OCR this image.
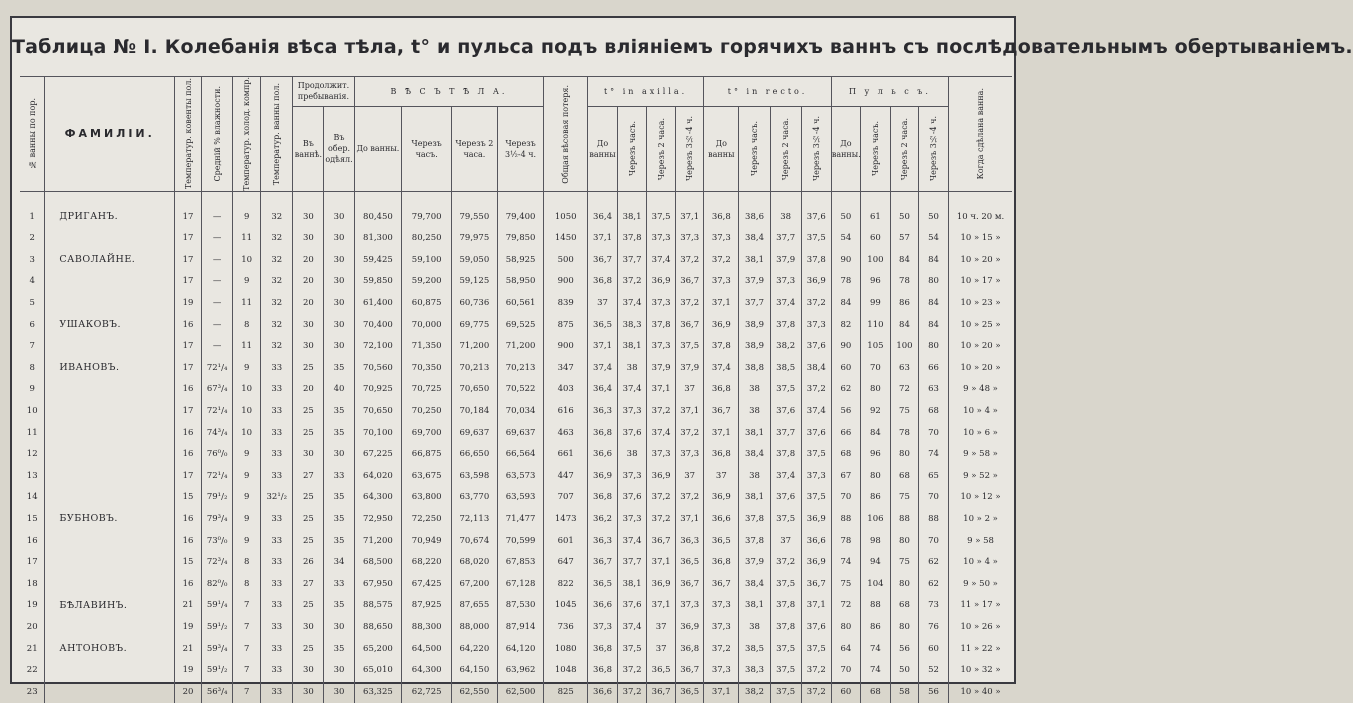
Таблица № I. Колебанія вѣса тѣла, t° и пульса подъ вліяніемъ горячихъ ваннъ съ послѣдовательнымъ обертываніемъ.
№ ванны по пор.	ФАМИЛІИ.	Температур. ковенты пол.	Средній % влажности.	Температур. холод. компр.	Температур. ванны пол.	Продолжит. пребыванія.		В Ѣ С Ъ Т Ѣ Л А.				Общая вѣсовая потеря.	t° in axilla.				t° in recto.				П у л ь с ъ.				Когда сдѣлана ванна.

						Въ ваннѣ.	Въ обер. одѣял.	До ванны.	Черезъ часъ.	Черезъ 2 часа.	Черезъ 3½-4 ч.		До ванны	Черезъ часъ.	Черезъ 2 часа.	Черезъ 3½-4 ч.	До ванны	Черезъ часъ.	Черезъ 2 часа.	Черезъ 3½-4 ч.	До ванны.	Черезъ часъ.	Черезъ 2 часа.	Черезъ 3½-4 ч.	

1	ДРИГАНЪ.	17	—	9	32	30	30	80,450	79,700	79,550	79,400	1050	36,4	38,1	37,5	37,1	36,8	38,6	38	37,6	50	61	50	50	10 ч. 20 м.
2		17	—	11	32	30	30	81,300	80,250	79,975	79,850	1450	37,1	37,8	37,3	37,3	37,3	38,4	37,7	37,5	54	60	57	54	10 » 15 »
3	САВОЛАЙНЕ.	17	—	10	32	20	30	59,425	59,100	59,050	58,925	500	36,7	37,7	37,4	37,2	37,2	38,1	37,9	37,8	90	100	84	84	10 » 20 »
4		17	—	9	32	20	30	59,850	59,200	59,125	58,950	900	36,8	37,2	36,9	36,7	37,3	37,9	37,3	36,9	78	96	78	80	10 » 17 »
5		19	—	11	32	20	30	61,400	60,875	60,736	60,561	839	37	37,4	37,3	37,2	37,1	37,7	37,4	37,2	84	99	86	84	10 » 23 »
6	УШАКОВЪ.	16	—	8	32	30	30	70,400	70,000	69,775	69,525	875	36,5	38,3	37,8	36,7	36,9	38,9	37,8	37,3	82	110	84	84	10 » 25 »
7		17	—	11	32	30	30	72,100	71,350	71,200	71,200	900	37,1	38,1	37,3	37,5	37,8	38,9	38,2	37,6	90	105	100	80	10 » 20 »
8	ИВАНОВЪ.	17	72¹/₄	9	33	25	35	70,560	70,350	70,213	70,213	347	37,4	38	37,9	37,9	37,4	38,8	38,5	38,4	60	70	63	66	10 » 20 »
9		16	67³/₄	10	33	20	40	70,925	70,725	70,650	70,522	403	36,4	37,4	37,1	37	36,8	38	37,5	37,2	62	80	72	63	9 » 48 »
10		17	72¹/₄	10	33	25	35	70,650	70,250	70,184	70,034	616	36,3	37,3	37,2	37,1	36,7	38	37,6	37,4	56	92	75	68	10 » 4 »
11		16	74³/₄	10	33	25	35	70,100	69,700	69,637	69,637	463	36,8	37,6	37,4	37,2	37,1	38,1	37,7	37,6	66	84	78	70	10 » 6 »
12		16	76⁰/₀	9	33	30	30	67,225	66,875	66,650	66,564	661	36,6	38	37,3	37,3	36,8	38,4	37,8	37,5	68	96	80	74	9 » 58 »
13		17	72¹/₄	9	33	27	33	64,020	63,675	63,598	63,573	447	36,9	37,3	36,9	37	37	38	37,4	37,3	67	80	68	65	9 » 52 »
14		15	79¹/₂	9	32¹/₂	25	35	64,300	63,800	63,770	63,593	707	36,8	37,6	37,2	37,2	36,9	38,1	37,6	37,5	70	86	75	70	10 » 12 »
15	БУБНОВЪ.	16	79³/₄	9	33	25	35	72,950	72,250	72,113	71,477	1473	36,2	37,3	37,2	37,1	36,6	37,8	37,5	36,9	88	106	88	88	10 » 2 »
16		16	73⁰/₀	9	33	25	35	71,200	70,949	70,674	70,599	601	36,3	37,4	36,7	36,3	36,5	37,8	37	36,6	78	98	80	70	9 » 58
17		15	72³/₄	8	33	26	34	68,500	68,220	68,020	67,853	647	36,7	37,7	37,1	36,5	36,8	37,9	37,2	36,9	74	94	75	62	10 » 4 »
18		16	82⁰/₀	8	33	27	33	67,950	67,425	67,200	67,128	822	36,5	38,1	36,9	36,7	36,7	38,4	37,5	36,7	75	104	80	62	9 » 50 »
19	БѢЛАВИНЪ.	21	59¹/₄	7	33	25	35	88,575	87,925	87,655	87,530	1045	36,6	37,6	37,1	37,3	37,3	38,1	37,8	37,1	72	88	68	73	11 » 17 »
20		19	59¹/₂	7	33	30	30	88,650	88,300	88,000	87,914	736	37,3	37,4	37	36,9	37,3	38	37,8	37,6	80	86	80	76	10 » 26 »
21	АНТОНОВЪ.	21	59³/₄	7	33	25	35	65,200	64,500	64,220	64,120	1080	36,8	37,5	37	36,8	37,2	38,5	37,5	37,5	64	74	56	60	11 » 22 »
22		19	59¹/₂	7	33	30	30	65,010	64,300	64,150	63,962	1048	36,8	37,2	36,5	36,7	37,3	38,3	37,5	37,2	70	74	50	52	10 » 32 »
23		20	56³/₄	7	33	30	30	63,325	62,725	62,550	62,500	825	36,6	37,2	36,7	36,5	37,1	38,2	37,5	37,2	60	68	58	56	10 » 40 »
